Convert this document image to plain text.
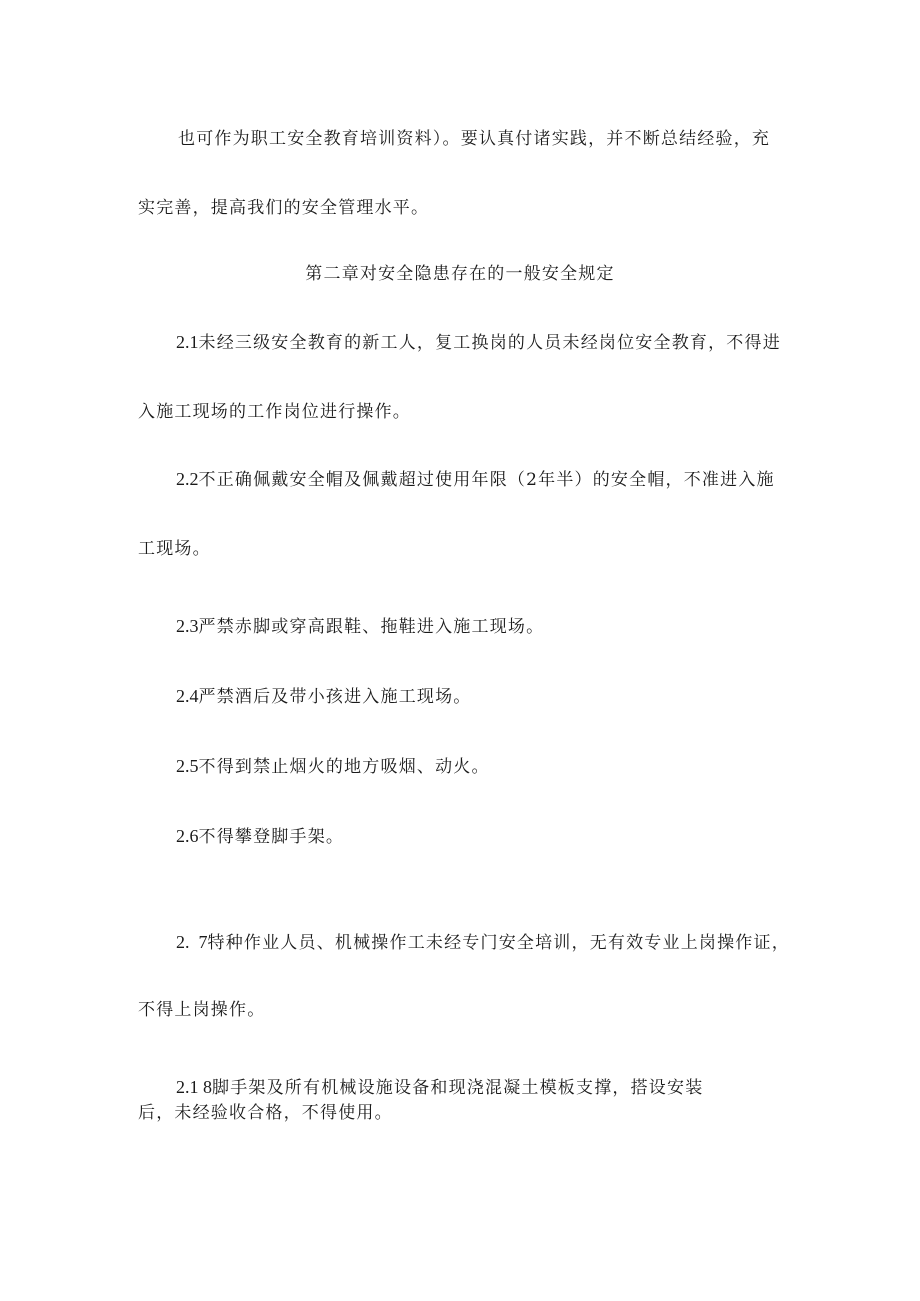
也可作为职工安全教育培训资料）。要认真付诸实践，并不断总结经验，充
实完善，提高我们的安全管理水平。
第二章对安全隐患存在的一般安全规定
2.1未经三级安全教育的新工人，复工换岗的人员未经岗位安全教育，不得进
入施工现场的工作岗位进行操作。
2.2不正确佩戴安全帽及佩戴超过使用年限（2年半）的安全帽，不准进入施
工现场。
2.3严禁赤脚或穿高跟鞋、拖鞋进入施工现场。
2.4严禁酒后及带小孩进入施工现场。
2.5不得到禁止烟火的地方吸烟、动火。
2.6不得攀登脚手架。
2.  7特种作业人员、机械操作工未经专门安全培训，无有效专业上岗操作证，
不得上岗操作。
2.1 8脚手架及所有机械设施设备和现浇混凝土模板支撑，搭设安装
后，未经验收合格，不得使用。
